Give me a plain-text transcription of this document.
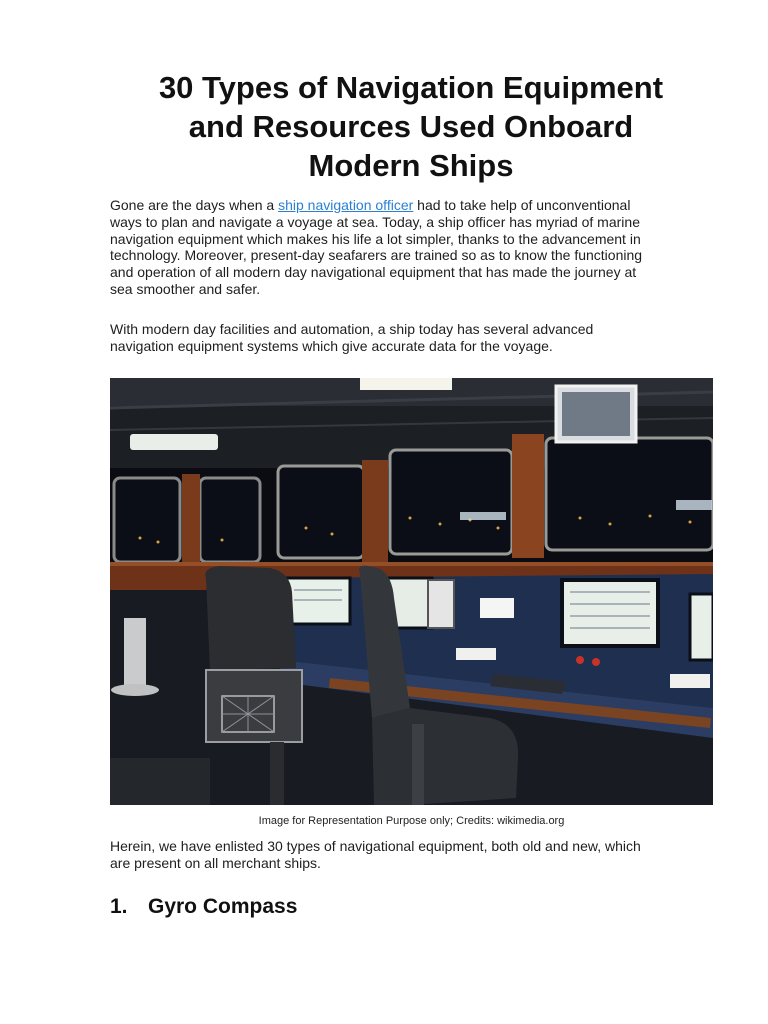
30 Types of Navigation Equipment
and Resources Used Onboard
Modern Ships

Gone are the days when a ship navigation officer had to take help of unconventional
ways to plan and navigate a voyage at sea. Today, a ship officer has myriad of marine
navigation equipment which makes his life a lot simpler, thanks to the advancement in
technology. Moreover, present-day seafarers are trained so as to know the functioning
and operation of all modern day navigational equipment that has made the journey at
sea smoother and safer.

With modern day facilities and automation, a ship today has several advanced
navigation equipment systems which give accurate data for the voyage.

Image for Representation Purpose only; Credits: wikimedia.org

Herein, we have enlisted 30 types of navigational equipment, both old and new, which
are present on all merchant ships.

1. Gyro Compass
